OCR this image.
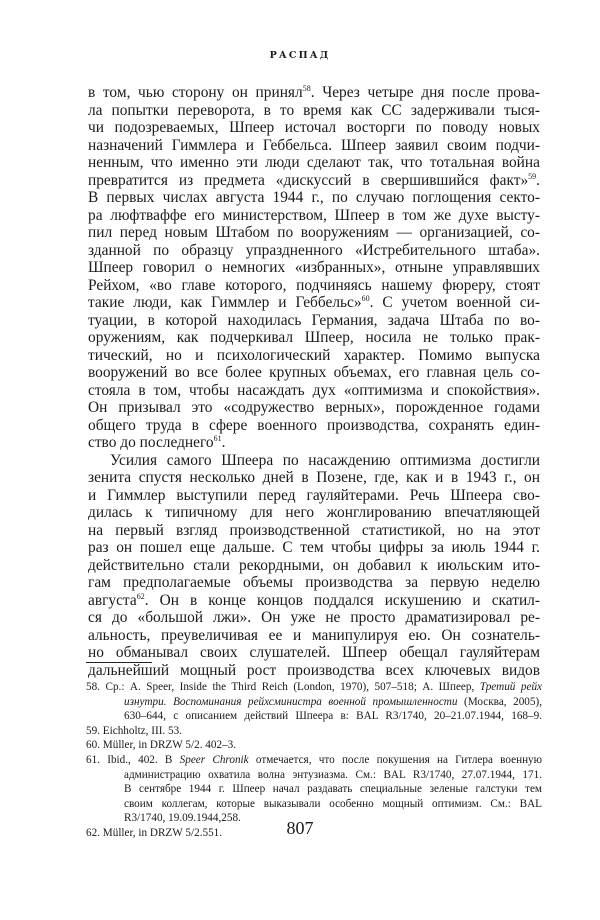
РАСПАД
в том, чью сторону он принял$^{58}$. Через четыре дня после прова-
ла попытки переворота, в то время как СС задерживали тыся-
чи подозреваемых, Шпеер источал восторги по поводу новых
назначений Гиммлера и Геббельса. Шпеер заявил своим подчи-
ненным, что именно эти люди сделают так, что тотальная война
превратится из предмета «дискуссий в свершившийся факт»$^{59}$.
В первых числах августа 1944 г., по случаю поглощения секто-
ра люфтваффе его министерством, Шпеер в том же духе высту-
пил перед новым Штабом по вооружениям — организацией, со-
зданной по образцу упраздненного «Истребительного штаба».
Шпеер говорил о немногих «избранных», отныне управлявших
Рейхом, «во главе которого, подчиняясь нашему фюреру, стоят
такие люди, как Гиммлер и Геббельс»$^{60}$. С учетом военной си-
туации, в которой находилась Германия, задача Штаба по во-
оружениям, как подчеркивал Шпеер, носила не только прак-
тический, но и психологический характер. Помимо выпуска
вооружений во все более крупных объемах, его главная цель со-
стояла в том, чтобы насаждать дух «оптимизма и спокойствия».
Он призывал это «содружество верных», порожденное годами
общего труда в сфере военного производства, сохранять един-
ство до последнего$^{61}$.
Усилия самого Шпеера по насаждению оптимизма достигли
зенита спустя несколько дней в Позене, где, как и в 1943 г., он
и Гиммлер выступили перед гауляйтерами. Речь Шпеера сво-
дилась к типичному для него жонглированию впечатляющей
на первый взгляд производственной статистикой, но на этот
раз он пошел еще дальше. С тем чтобы цифры за июль 1944 г.
действительно стали рекордными, он добавил к июльским ито-
гам предполагаемые объемы производства за первую неделю
августа$^{62}$. Он в конце концов поддался искушению и скатил-
ся до «большой лжи». Он уже не просто драматизировал ре-
альность, преувеличивая ее и манипулируя ею. Он сознатель-
но обманывал своих слушателей. Шпеер обещал гауляйтерам
дальнейший мощный рост производства всех ключевых видов
58. Ср.: A. Speer, Inside the Third Reich (London, 1970), 507–518; А. Шпеер, Третий рейх
изнутри. Воспоминания рейхсминистра военной промышленности (Москва, 2005),
630–644, с описанием действий Шпеера в: BAL R3/1740, 20–21.07.1944, 168–9.
59. Eichholtz, III. 53.
60. Müller, in DRZW 5/2. 402–3.
61. Ibid., 402. В Speer Chronik отмечается, что после покушения на Гитлера военную
администрацию охватила волна энтузиазма. См.: BAL R3/1740, 27.07.1944, 171.
В сентябре 1944 г. Шпеер начал раздавать специальные зеленые галстуки тем
своим коллегам, которые выказывали особенно мощный оптимизм. См.: BAL
R3/1740, 19.09.1944,258.
62. Müller, in DRZW 5/2.551.	807
